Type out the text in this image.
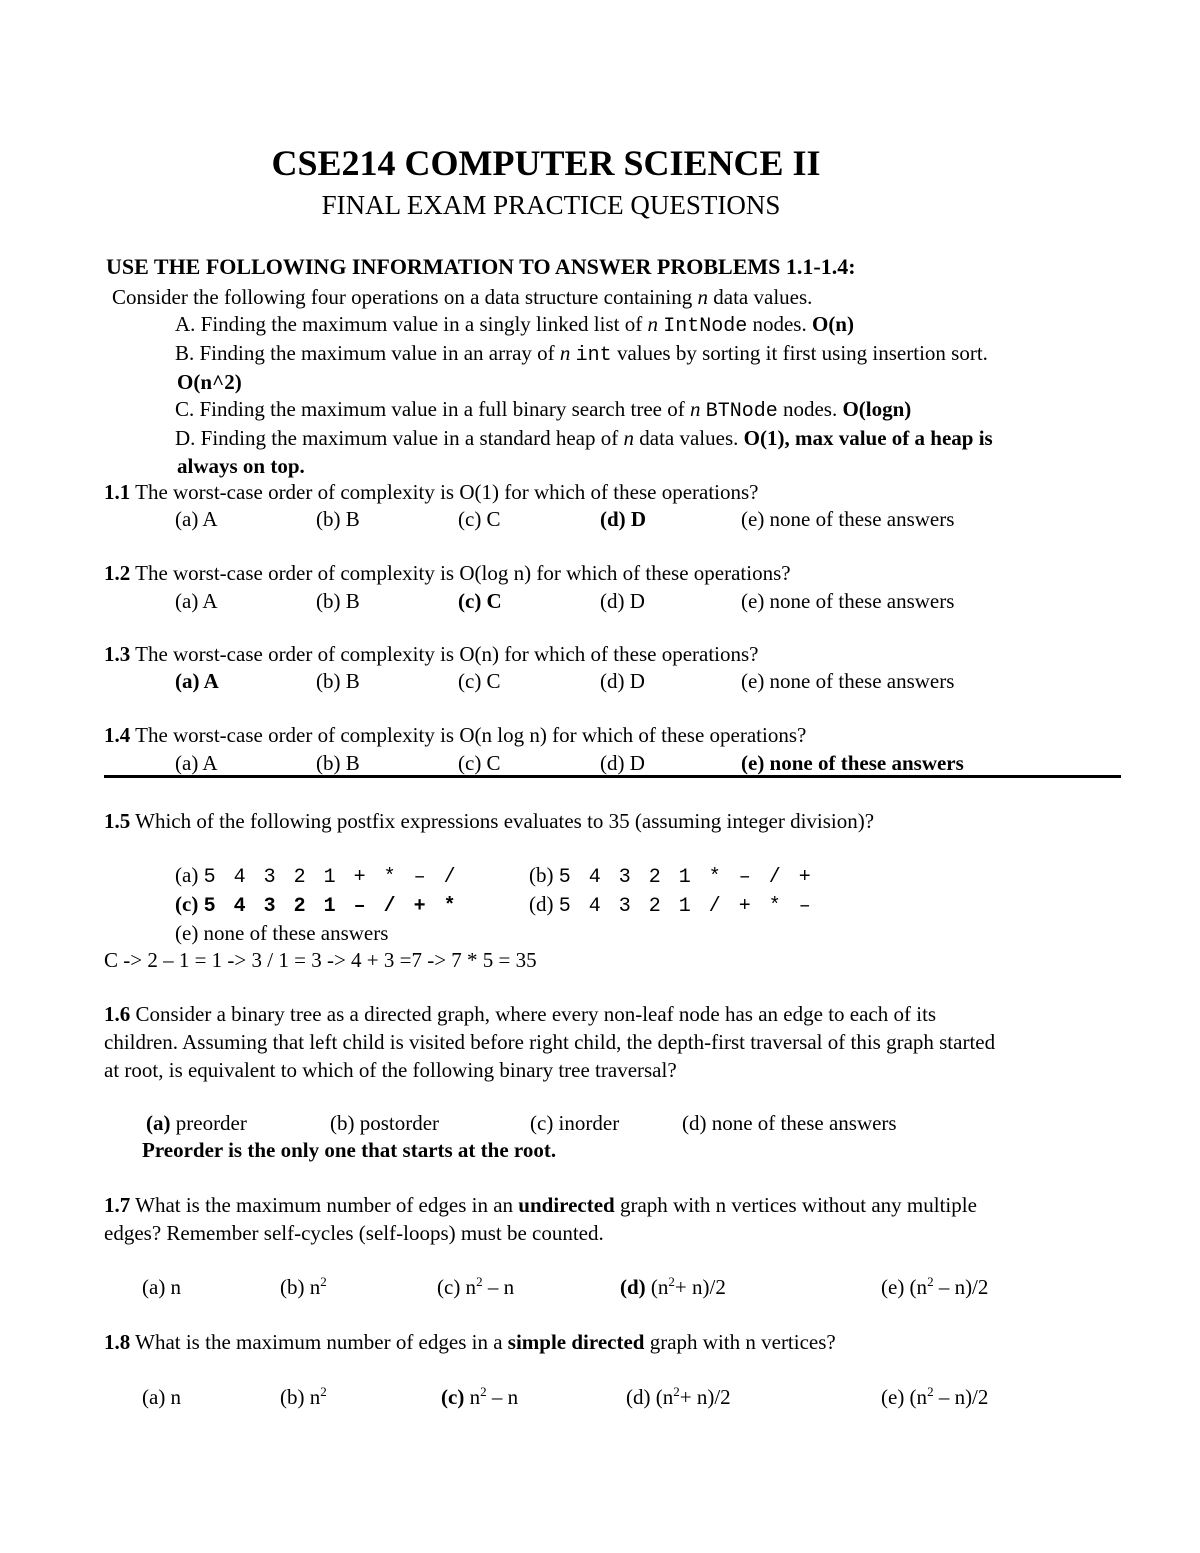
CSE214 COMPUTER SCIENCE II
FINAL EXAM PRACTICE QUESTIONS
USE THE FOLLOWING INFORMATION TO ANSWER PROBLEMS 1.1-1.4:
Consider the following four operations on a data structure containing n data values.
A. Finding the maximum value in a singly linked list of n IntNode nodes. O(n)
B. Finding the maximum value in an array of n int values by sorting it first using insertion sort.
O(n^2)
C. Finding the maximum value in a full binary search tree of n BTNode nodes. O(logn)
D. Finding the maximum value in a standard heap of n data values. O(1), max value of a heap is
always on top.
1.1 The worst-case order of complexity is O(1) for which of these operations?
(a) A	(b) B	(c) C	(d) D	(e) none of these answers
1.2 The worst-case order of complexity is O(log n) for which of these operations?
(a) A	(b) B	(c) C	(d) D	(e) none of these answers
1.3 The worst-case order of complexity is O(n) for which of these operations?
(a) A	(b) B	(c) C	(d) D	(e) none of these answers
1.4 The worst-case order of complexity is O(n log n) for which of these operations?
(a) A	(b) B	(c) C	(d) D	(e) none of these answers
1.5 Which of the following postfix expressions evaluates to 35 (assuming integer division)?
(a) 5 4 3 2 1 + * – /	(b) 5 4 3 2 1 * – / +
(c) 5 4 3 2 1 – / + *	(d) 5 4 3 2 1 / + * –
(e) none of these answers
C -> 2 – 1 = 1 -> 3 / 1 = 3 -> 4 + 3 =7 -> 7 * 5 = 35
1.6 Consider a binary tree as a directed graph, where every non-leaf node has an edge to each of its
children. Assuming that left child is visited before right child, the depth-first traversal of this graph started
at root, is equivalent to which of the following binary tree traversal?
(a) preorder	(b) postorder	(c) inorder	(d) none of these answers
Preorder is the only one that starts at the root.
1.7 What is the maximum number of edges in an undirected graph with n vertices without any multiple
edges? Remember self-cycles (self-loops) must be counted.
(a) n	(b) $n^2$	(c) $n^2$ – n	(d) $(n^2+ n)/2$	(e) $(n^2 - n)/2$
1.8 What is the maximum number of edges in a simple directed graph with n vertices?
(a) n	(b) $n^2$	(c) $n^2$ – n	(d) $(n^2+ n)/2$	(e) $(n^2 - n)/2$
